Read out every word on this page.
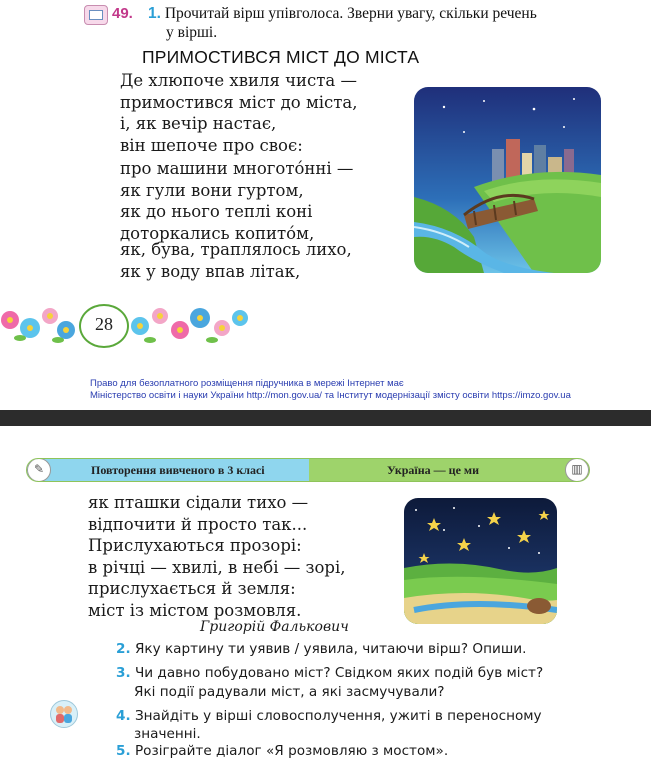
49. 1. Прочитай вірш упівголоса. Зверни увагу, скільки речень
у вірші.
ПРИМОСТИВСЯ МІСТ ДО МІСТА
Де хлюпоче хвиля чиста —
примостився міст до міста,
і, як вечір настає,
він шепоче про своє:
про машини многото́нні —
як гули вони гуртом,
як до нього теплі коні
доторкались копито́м,
як, бува, траплялось лихо,
як у воду впав літак,
28
Право для безоплатного розміщення підручника в мережі Інтернет має
Міністерство освіти і науки України http://mon.gov.ua/ та Інститут модернізації змісту освіти https://imzo.gov.ua
✎	Повторення вивченого в 3 класі	Україна — це ми	▥
як пташки сідали тихо —
відпочити й просто так...
Прислухаються прозорі:
в річці — хвилі, в небі — зорі,
прислухається й земля:
міст із містом розмовля.
Григорій Фалькович
2. Яку картину ти уявив / уявила, читаючи вірш? Опиши.
3. Чи давно побудовано міст? Свідком яких подій був міст?
Які події радували міст, а які засмучували?
4. Знайдіть у вірші словосполучення, ужиті в переносному
значенні.
5. Розіграйте діалог «Я розмовляю з мостом».
